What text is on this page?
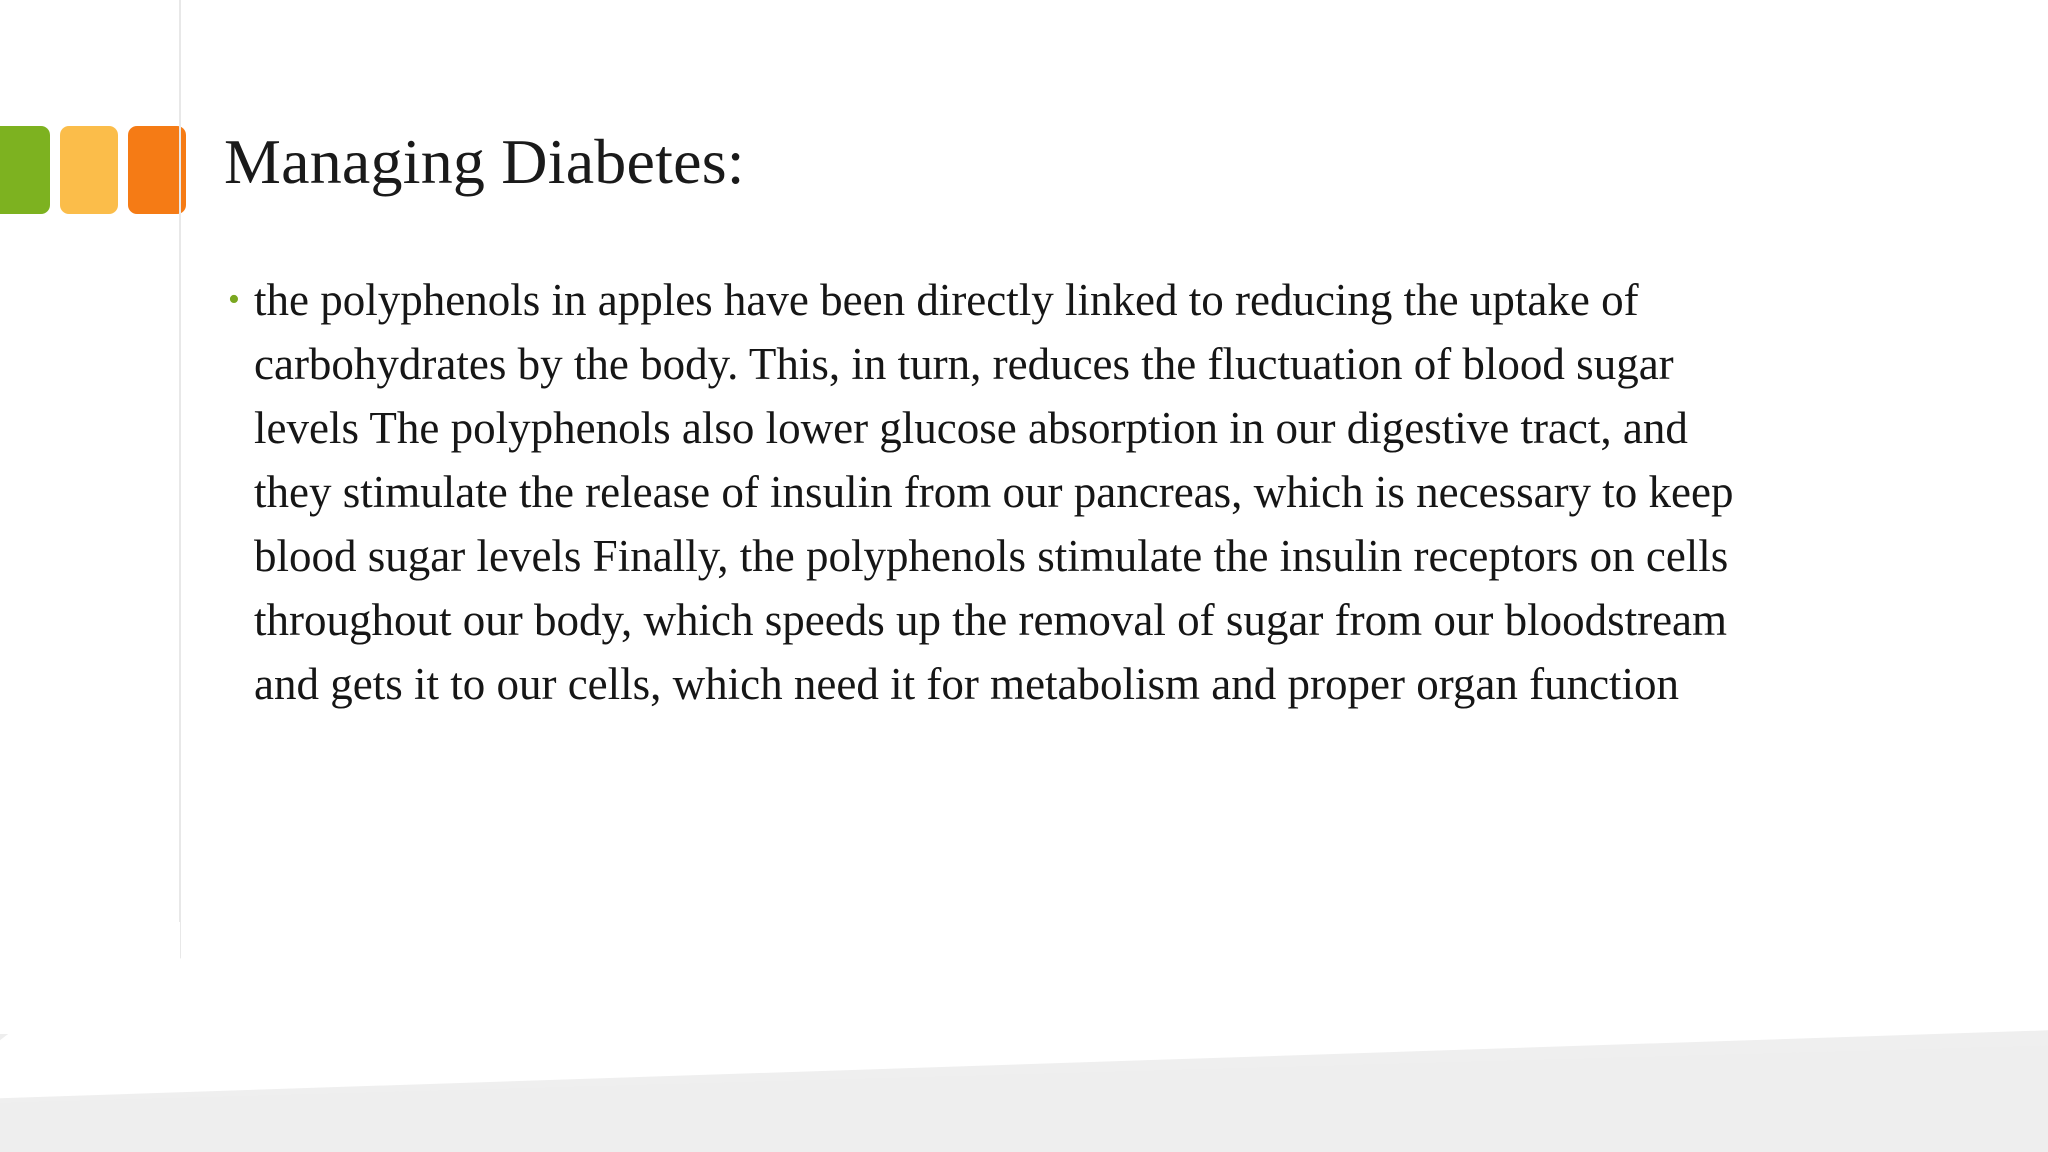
Managing Diabetes:
• the polyphenols in apples have been directly linked to reducing the uptake of carbohydrates by the body. This, in turn, reduces the fluctuation of blood sugar levels The polyphenols also lower glucose absorption in our digestive tract, and they stimulate the release of insulin from our pancreas, which is necessary to keep blood sugar levels Finally, the polyphenols stimulate the insulin receptors on cells throughout our body, which speeds up the removal of sugar from our bloodstream and gets it to our cells, which need it for metabolism and proper organ function
